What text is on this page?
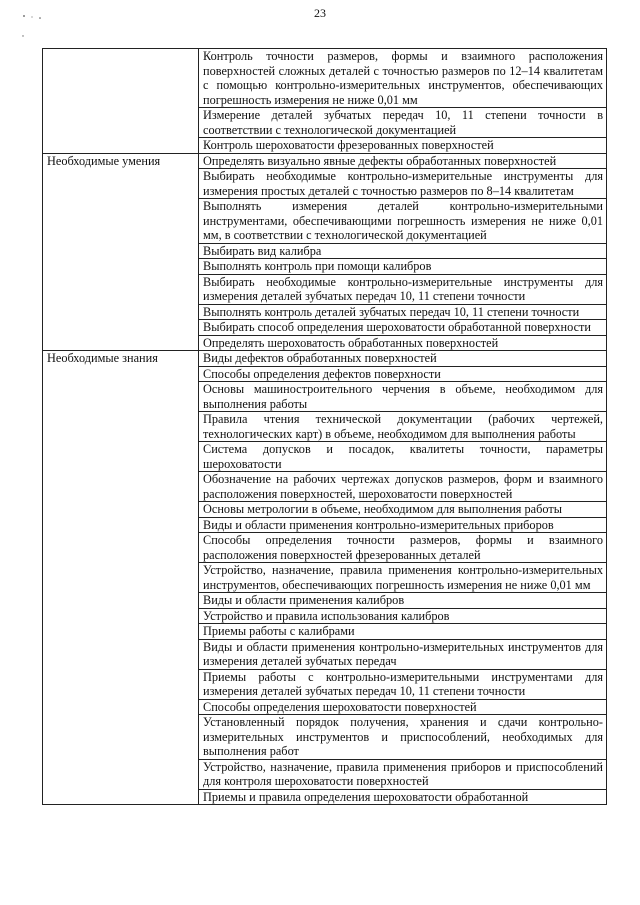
23
	Контроль точности размеров, формы и взаимного расположения поверхностей сложных деталей с точностью размеров по 12–14 квалитетам с помощью контрольно-измерительных инструментов, обеспечивающих погрешность измерения не ниже 0,01 мм
	Измерение деталей зубчатых передач 10, 11 степени точности в соответствии с технологической документацией
	Контроль шероховатости фрезерованных поверхностей
Необходимые умения	Определять визуально явные дефекты обработанных поверхностей
	Выбирать необходимые контрольно-измерительные инструменты для измерения простых деталей с точностью размеров по 8–14 квалитетам
	Выполнять измерения деталей контрольно-измерительными инструментами, обеспечивающими погрешность измерения не ниже 0,01 мм, в соответствии с технологической документацией
	Выбирать вид калибра
	Выполнять контроль при помощи калибров
	Выбирать необходимые контрольно-измерительные инструменты для измерения деталей зубчатых передач 10, 11 степени точности
	Выполнять контроль деталей зубчатых передач 10, 11 степени точности
	Выбирать способ определения шероховатости обработанной поверхности
	Определять шероховатость обработанных поверхностей
Необходимые знания	Виды дефектов обработанных поверхностей
	Способы определения дефектов поверхности
	Основы машиностроительного черчения в объеме, необходимом для выполнения работы
	Правила чтения технической документации (рабочих чертежей, технологических карт) в объеме, необходимом для выполнения работы
	Система допусков и посадок, квалитеты точности, параметры шероховатости
	Обозначение на рабочих чертежах допусков размеров, форм и взаимного расположения поверхностей, шероховатости поверхностей
	Основы метрологии в объеме, необходимом для выполнения работы
	Виды и области применения контрольно-измерительных приборов
	Способы определения точности размеров, формы и взаимного расположения поверхностей фрезерованных деталей
	Устройство, назначение, правила применения контрольно-измерительных инструментов, обеспечивающих погрешность измерения не ниже 0,01 мм
	Виды и области применения калибров
	Устройство и правила использования калибров
	Приемы работы с калибрами
	Виды и области применения контрольно-измерительных инструментов для измерения деталей зубчатых передач
	Приемы работы с контрольно-измерительными инструментами для измерения деталей зубчатых передач 10, 11 степени точности
	Способы определения шероховатости поверхностей
	Установленный порядок получения, хранения и сдачи контрольно-измерительных инструментов и приспособлений, необходимых для выполнения работ
	Устройство, назначение, правила применения приборов и приспособлений для контроля шероховатости поверхностей

	Приемы и правила определения шероховатости обработанной
